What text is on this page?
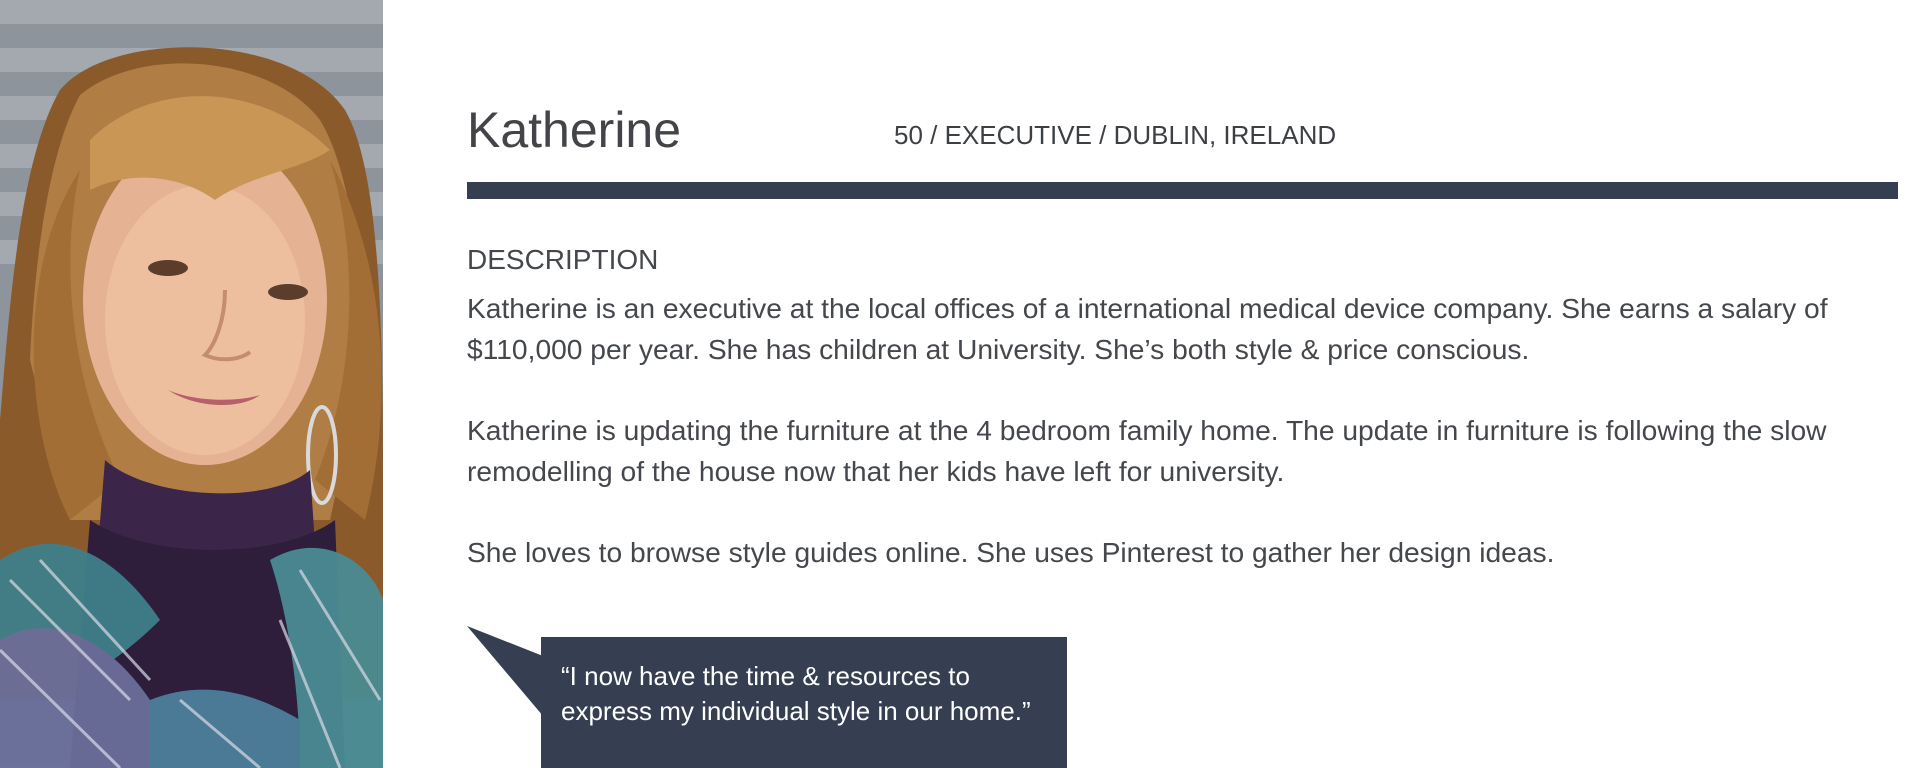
Katherine	50 / EXECUTIVE / DUBLIN, IRELAND
DESCRIPTION

Katherine is an executive at the local offices of a international medical device company. She earns a salary of $110,000 per year. She has children at University. She’s both style & price conscious.

Katherine is updating the furniture at the 4 bedroom family home. The update in furniture is following the slow remodelling of the house now that her kids have left for university.

She loves to browse style guides online. She uses Pinterest to gather her design ideas.

“I now have the time & resources to express my individual style in our home.”
